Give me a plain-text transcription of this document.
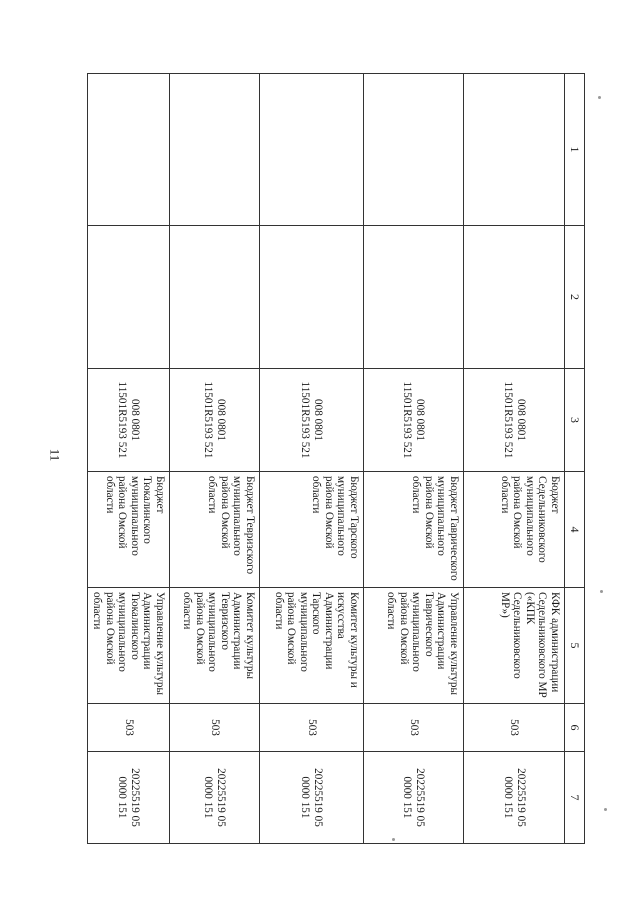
11
1	2	3	4	5	6	7
		008 0801 11501R5193 521	Бюджет Седельниковского муниципального района Омской области	КФК администрации Седельниковского МР («КПК Седельниковского МР»)	503	20225519 05 0000 151
		008 0801 11501R5193 521	Бюджет Таврического муниципального района Омской области	Управление культуры Администрации Таврического муниципального района Омской области	503	20225519 05 0000 151
		008 0801 11501R5193 521	Бюджет Тарского муниципального района Омской области	Комитет культуры и искусства Администрации Тарского муниципального района Омской области	503	20225519 05 0000 151
		008 0801 11501R5193 521	Бюджет Тевризского муниципального района Омской области	Комитет культуры Администрации Тевризского муниципального района Омской области	503	20225519 05 0000 151
		008 0801 11501R5193 521	Бюджет Тюкалинского муниципального района Омской области	Управление культуры Администрации Тюкалинского муниципального района Омской области	503	20225519 05 0000 151
